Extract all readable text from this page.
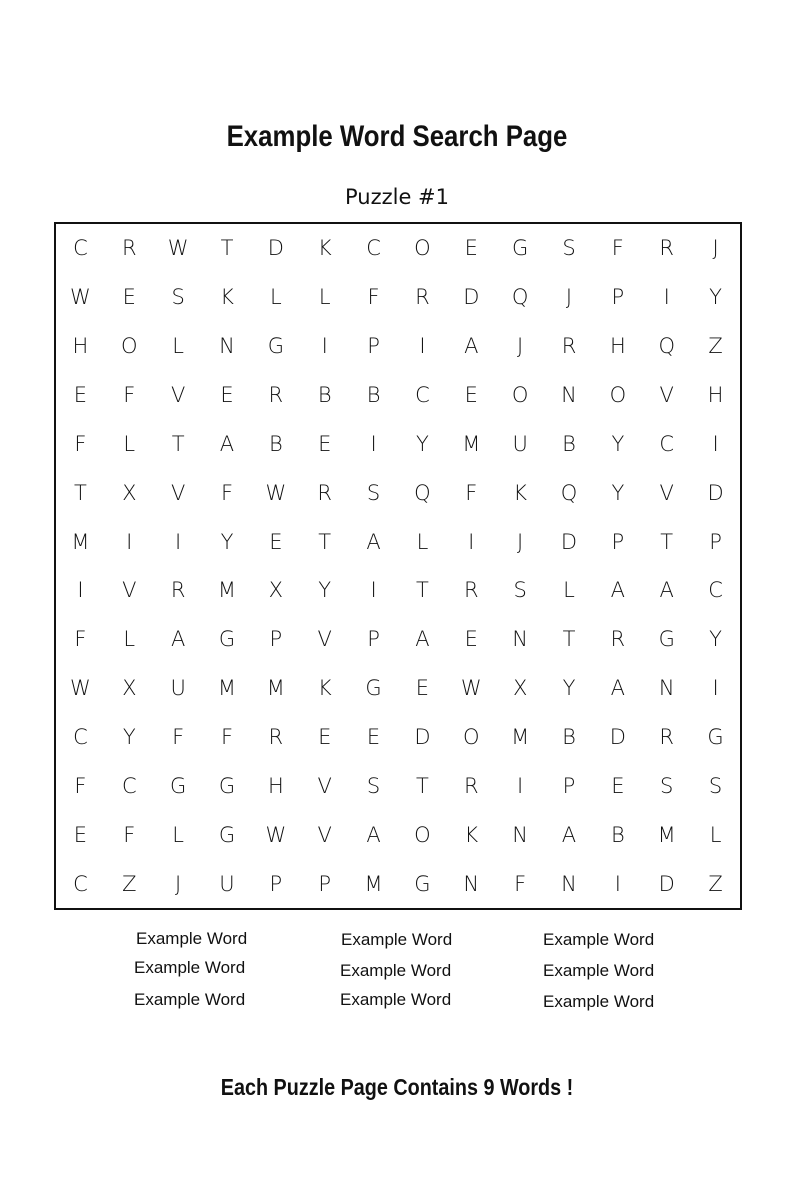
Example Word Search Page
Puzzle #1
C	R	W	T	D	K	C	O	E	G	S	F	R	J
W	E	S	K	L	L	F	R	D	Q	J	P	I	Y
H	O	L	N	G	I	P	I	A	J	R	H	Q	Z
E	F	V	E	R	B	B	C	E	O	N	O	V	H
F	L	T	A	B	E	I	Y	M	U	B	Y	C	I
T	X	V	F	W	R	S	Q	F	K	Q	Y	V	D
M	I	I	Y	E	T	A	L	I	J	D	P	T	P
I	V	R	M	X	Y	I	T	R	S	L	A	A	C
F	L	A	G	P	V	P	A	E	N	T	R	G	Y
W	X	U	M	M	K	G	E	W	X	Y	A	N	I
C	Y	F	F	R	E	E	D	O	M	B	D	R	G
F	C	G	G	H	V	S	T	R	I	P	E	S	S
E	F	L	G	W	V	A	O	K	N	A	B	M	L
C	Z	J	U	P	P	M	G	N	F	N	I	D	Z
Example Word
Example Word
Example Word
Example Word
Example Word
Example Word
Example Word
Example Word
Example Word
Each Puzzle Page Contains 9 Words !
